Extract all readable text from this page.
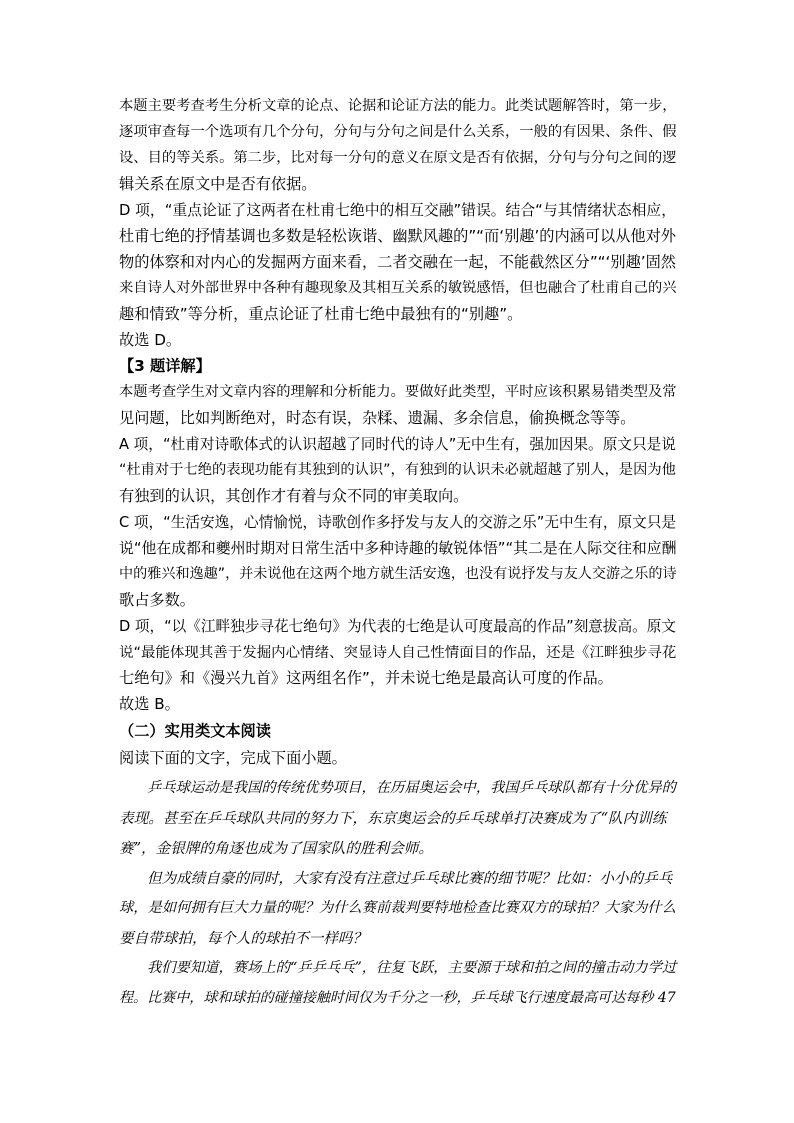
本题主要考查考生分析文章的论点、论据和论证方法的能力。此类试题解答时，第一步，
逐项审查每一个选项有几个分句，分句与分句之间是什么关系，一般的有因果、条件、假
设、目的等关系。第二步，比对每一分句的意义在原文是否有依据，分句与分句之间的逻
辑关系在原文中是否有依据。
D 项，“重点论证了这两者在杜甫七绝中的相互交融”错误。结合“与其情绪状态相应，
杜甫七绝的抒情基调也多数是轻松诙谐、幽默风趣的”“而‘别趣’的内涵可以从他对外
物的体察和对内心的发掘两方面来看，二者交融在一起，不能截然区分”“‘别趣’固然
来自诗人对外部世界中各种有趣现象及其相互关系的敏锐感悟，但也融合了杜甫自己的兴
趣和情致”等分析，重点论证了杜甫七绝中最独有的“别趣”。
故选 D。
【3 题详解】
本题考查学生对文章内容的理解和分析能力。要做好此类型，平时应该积累易错类型及常
见问题，比如判断绝对，时态有误，杂糅、遗漏、多余信息，偷换概念等等。
A 项，“杜甫对诗歌体式的认识超越了同时代的诗人”无中生有，强加因果。原文只是说
“杜甫对于七绝的表现功能有其独到的认识”，有独到的认识未必就超越了别人，是因为他
有独到的认识，其创作才有着与众不同的审美取向。
C 项，“生活安逸，心情愉悦，诗歌创作多抒发与友人的交游之乐”无中生有，原文只是
说“他在成都和夔州时期对日常生活中多种诗趣的敏锐体悟”“其二是在人际交往和应酬
中的雅兴和逸趣”，并未说他在这两个地方就生活安逸，也没有说抒发与友人交游之乐的诗
歌占多数。
D 项，“以《江畔独步寻花七绝句》为代表的七绝是认可度最高的作品”刻意拔高。原文
说“最能体现其善于发掘内心情绪、突显诗人自己性情面目的作品，还是《江畔独步寻花
七绝句》和《漫兴九首》这两组名作”，并未说七绝是最高认可度的作品。
故选 B。
（二）实用类文本阅读
阅读下面的文字，完成下面小题。
乒乓球运动是我国的传统优势项目，在历届奥运会中，我国乒乓球队都有十分优异的
表现。甚至在乒乓球队共同的努力下，东京奥运会的乒乓球单打决赛成为了“队内训练
赛”，金银牌的角逐也成为了国家队的胜利会师。
但为成绩自豪的同时，大家有没有注意过乒乓球比赛的细节呢？比如：小小的乒乓
球，是如何拥有巨大力量的呢？为什么赛前裁判要特地检查比赛双方的球拍？大家为什么
要自带球拍，每个人的球拍不一样吗？
我们要知道，赛场上的“乒乒乓乓”，往复飞跃，主要源于球和拍之间的撞击动力学过
程。比赛中，球和球拍的碰撞接触时间仅为千分之一秒，乒乓球飞行速度最高可达每秒 47
